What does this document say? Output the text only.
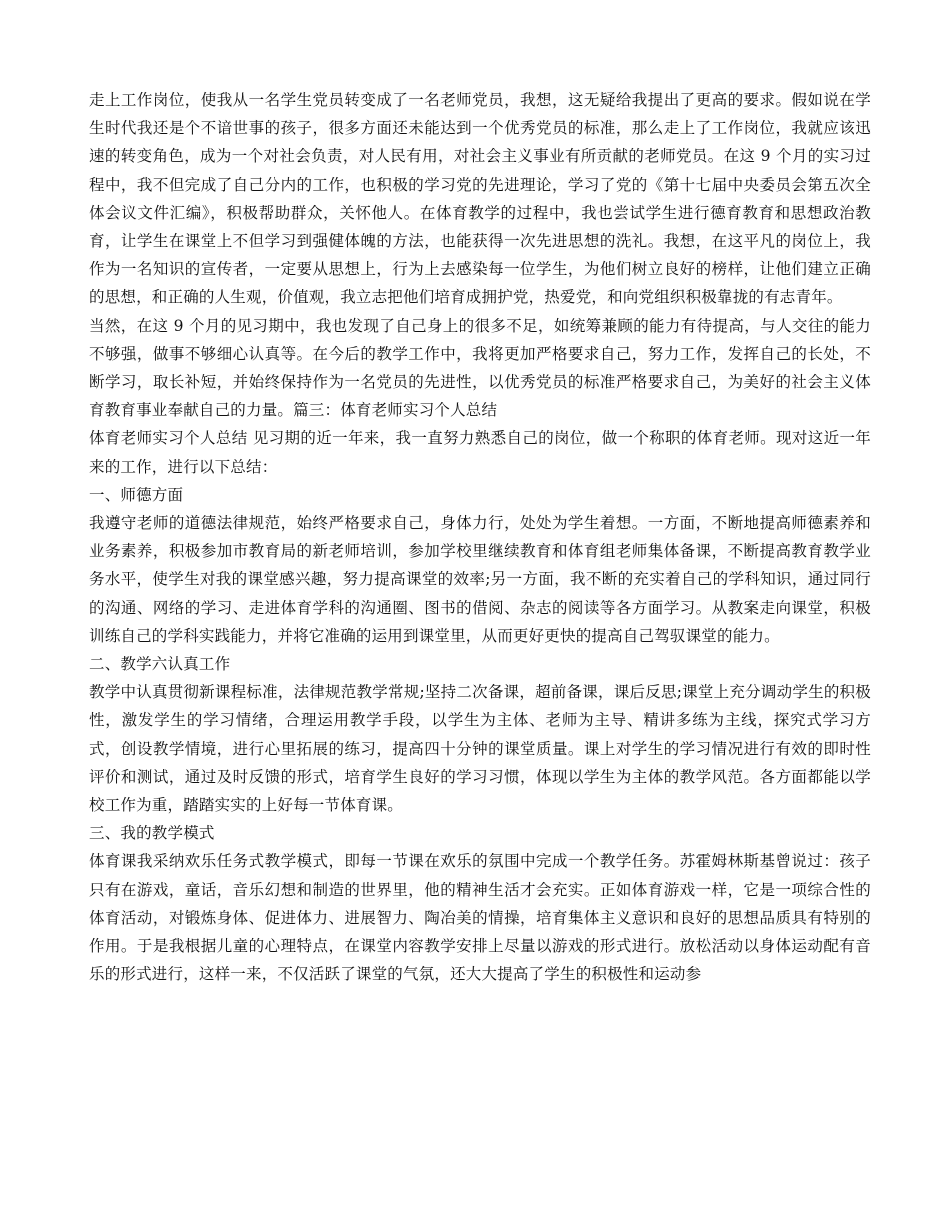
走上工作岗位，使我从一名学生党员转变成了一名老师党员，我想，这无疑给我提出了更高的要求。假如说在学生时代我还是个不谙世事的孩子，很多方面还未能达到一个优秀党员的标准，那么走上了工作岗位，我就应该迅速的转变角色，成为一个对社会负责，对人民有用，对社会主义事业有所贡献的老师党员。在这 9 个月的实习过程中，我不但完成了自己分内的工作，也积极的学习党的先进理论，学习了党的《第十七届中央委员会第五次全体会议文件汇编》，积极帮助群众，关怀他人。在体育教学的过程中，我也尝试学生进行德育教育和思想政治教育，让学生在课堂上不但学习到强健体魄的方法，也能获得一次先进思想的洗礼。我想，在这平凡的岗位上，我作为一名知识的宣传者，一定要从思想上，行为上去感染每一位学生，为他们树立良好的榜样，让他们建立正确的思想，和正确的人生观，价值观，我立志把他们培育成拥护党，热爱党，和向党组织积极靠拢的有志青年。

当然，在这 9 个月的见习期中，我也发现了自己身上的很多不足，如统筹兼顾的能力有待提高，与人交往的能力不够强，做事不够细心认真等。在今后的教学工作中，我将更加严格要求自己，努力工作，发挥自己的长处，不断学习，取长补短，并始终保持作为一名党员的先进性，以优秀党员的标准严格要求自己，为美好的社会主义体育教育事业奉献自己的力量。篇三：体育老师实习个人总结

体育老师实习个人总结 见习期的近一年来，我一直努力熟悉自己的岗位，做一个称职的体育老师。现对这近一年来的工作，进行以下总结：

一、师德方面

我遵守老师的道德法律规范，始终严格要求自己，身体力行，处处为学生着想。一方面，不断地提高师德素养和业务素养，积极参加市教育局的新老师培训，参加学校里继续教育和体育组老师集体备课，不断提高教育教学业务水平，使学生对我的课堂感兴趣，努力提高课堂的效率;另一方面，我不断的充实着自己的学科知识，通过同行的沟通、网络的学习、走进体育学科的沟通圈、图书的借阅、杂志的阅读等各方面学习。从教案走向课堂，积极训练自己的学科实践能力，并将它准确的运用到课堂里，从而更好更快的提高自己驾驭课堂的能力。

二、教学六认真工作

教学中认真贯彻新课程标准，法律规范教学常规;坚持二次备课，超前备课，课后反思;课堂上充分调动学生的积极性，激发学生的学习情绪，合理运用教学手段，以学生为主体、老师为主导、精讲多练为主线，探究式学习方式，创设教学情境，进行心里拓展的练习，提高四十分钟的课堂质量。课上对学生的学习情况进行有效的即时性评价和测试，通过及时反馈的形式，培育学生良好的学习习惯，体现以学生为主体的教学风范。各方面都能以学校工作为重，踏踏实实的上好每一节体育课。

三、我的教学模式

体育课我采纳欢乐任务式教学模式，即每一节课在欢乐的氛围中完成一个教学任务。苏霍姆林斯基曾说过：孩子只有在游戏，童话，音乐幻想和制造的世界里，他的精神生活才会充实。正如体育游戏一样，它是一项综合性的体育活动，对锻炼身体、促进体力、进展智力、陶冶美的情操，培育集体主义意识和良好的思想品质具有特别的作用。于是我根据儿童的心理特点，在课堂内容教学安排上尽量以游戏的形式进行。放松活动以身体运动配有音乐的形式进行，这样一来，不仅活跃了课堂的气氛，还大大提高了学生的积极性和运动参
